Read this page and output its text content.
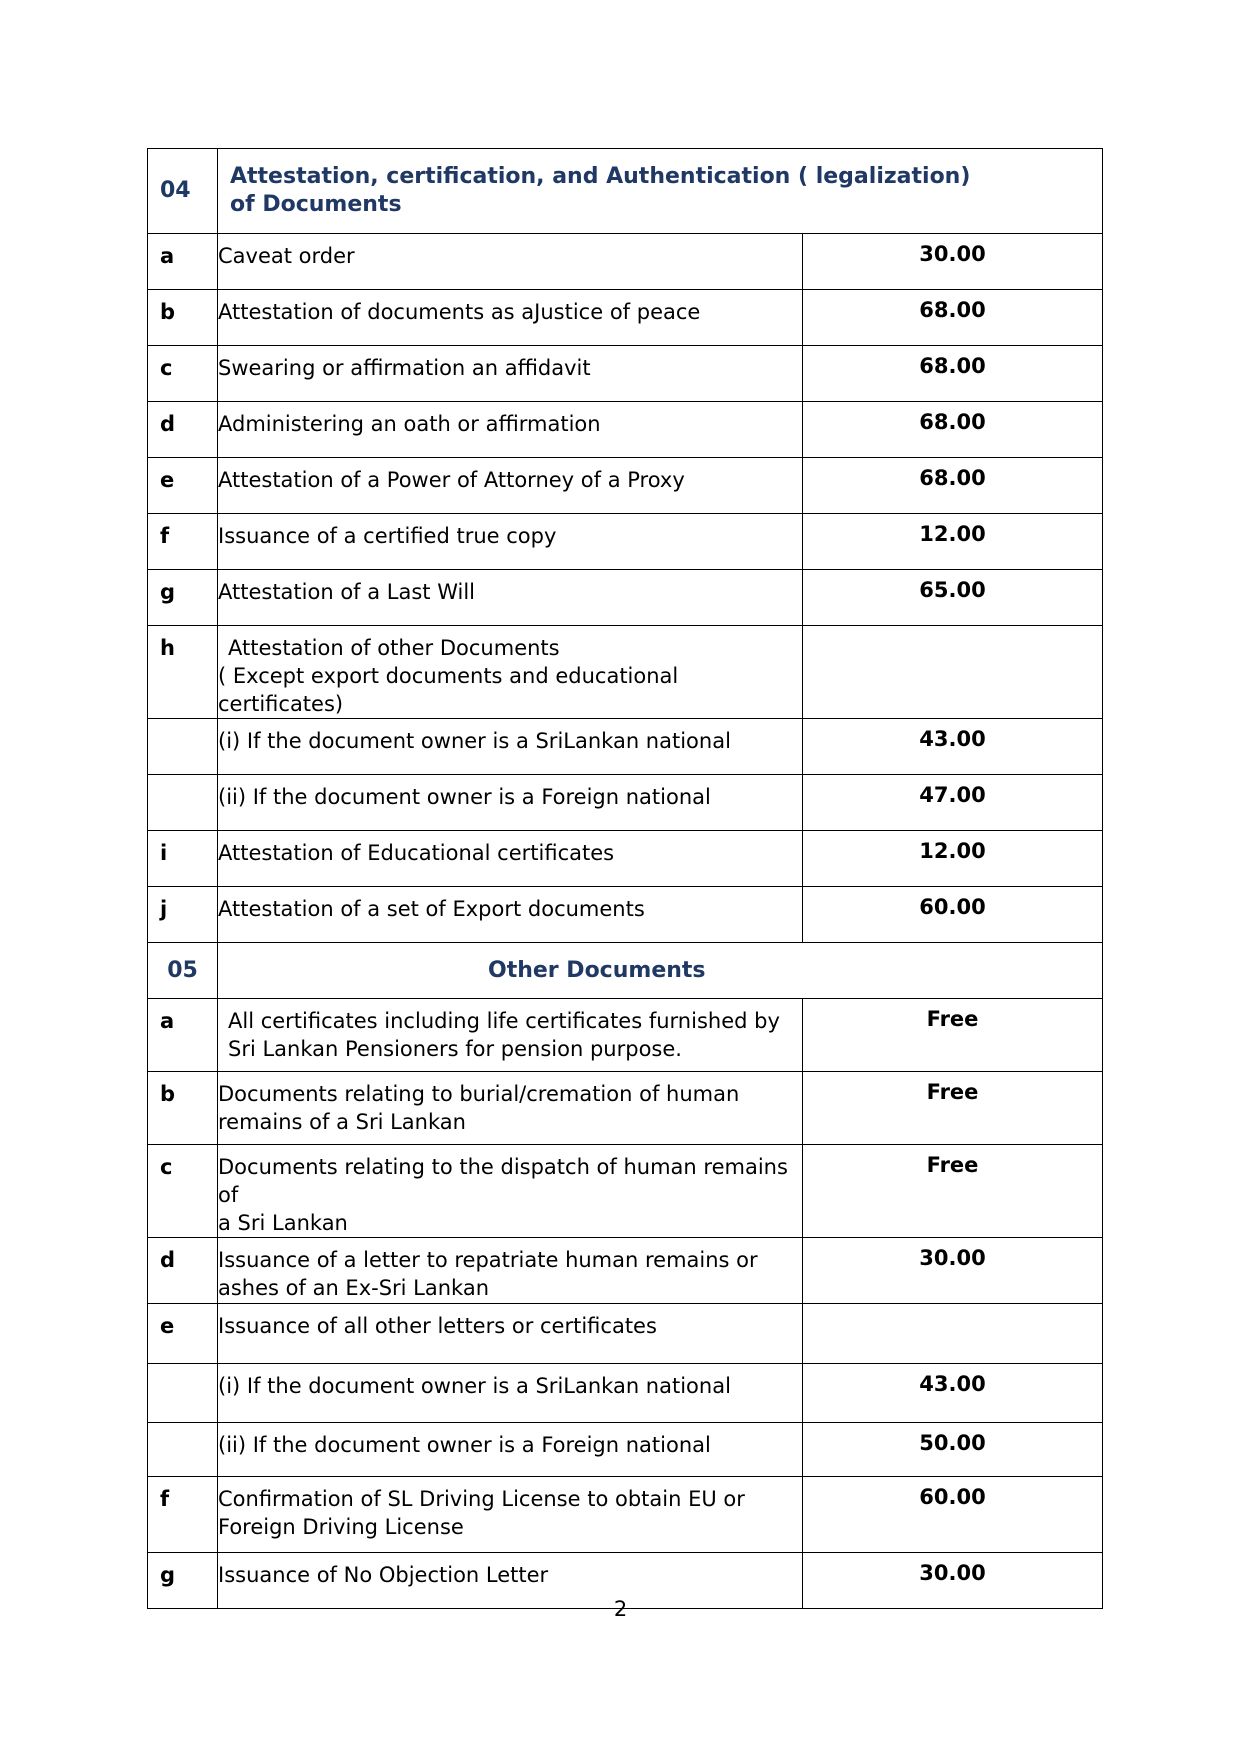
04	Attestation, certification, and Authentication ( legalization) of Documents	
a	Caveat order	30.00
b	Attestation of documents as aJustice of peace	68.00
c	Swearing or affirmation an affidavit	68.00
d	Administering an oath or affirmation	68.00
e	Attestation of a Power of Attorney of a Proxy	68.00
f	Issuance of a certified true copy	12.00
g	Attestation of a Last Will	65.00
h	Attestation of other Documents
( Except export documents and educational certificates)	

	(i) If the document owner is a SriLankan national	43.00
	(ii) If the document owner is a Foreign national	47.00
i	Attestation of Educational certificates	12.00
j	Attestation of a set of Export documents	60.00
05	Other Documents	
a	All certificates including life certificates furnished by
Sri Lankan Pensioners for pension purpose.	Free
b	Documents relating to burial/cremation of human
remains of a Sri Lankan	Free
c	Documents relating to the dispatch of human remains of
a Sri Lankan	Free
d	Issuance of a letter to repatriate human remains or
ashes of an Ex-Sri Lankan	30.00
e	Issuance of all other letters or certificates	
	(i) If the document owner is a SriLankan national	43.00
	(ii) If the document owner is a Foreign national	50.00
f	Confirmation of SL Driving License to obtain EU or
Foreign Driving License	60.00
g	Issuance of No Objection Letter	30.00
2
